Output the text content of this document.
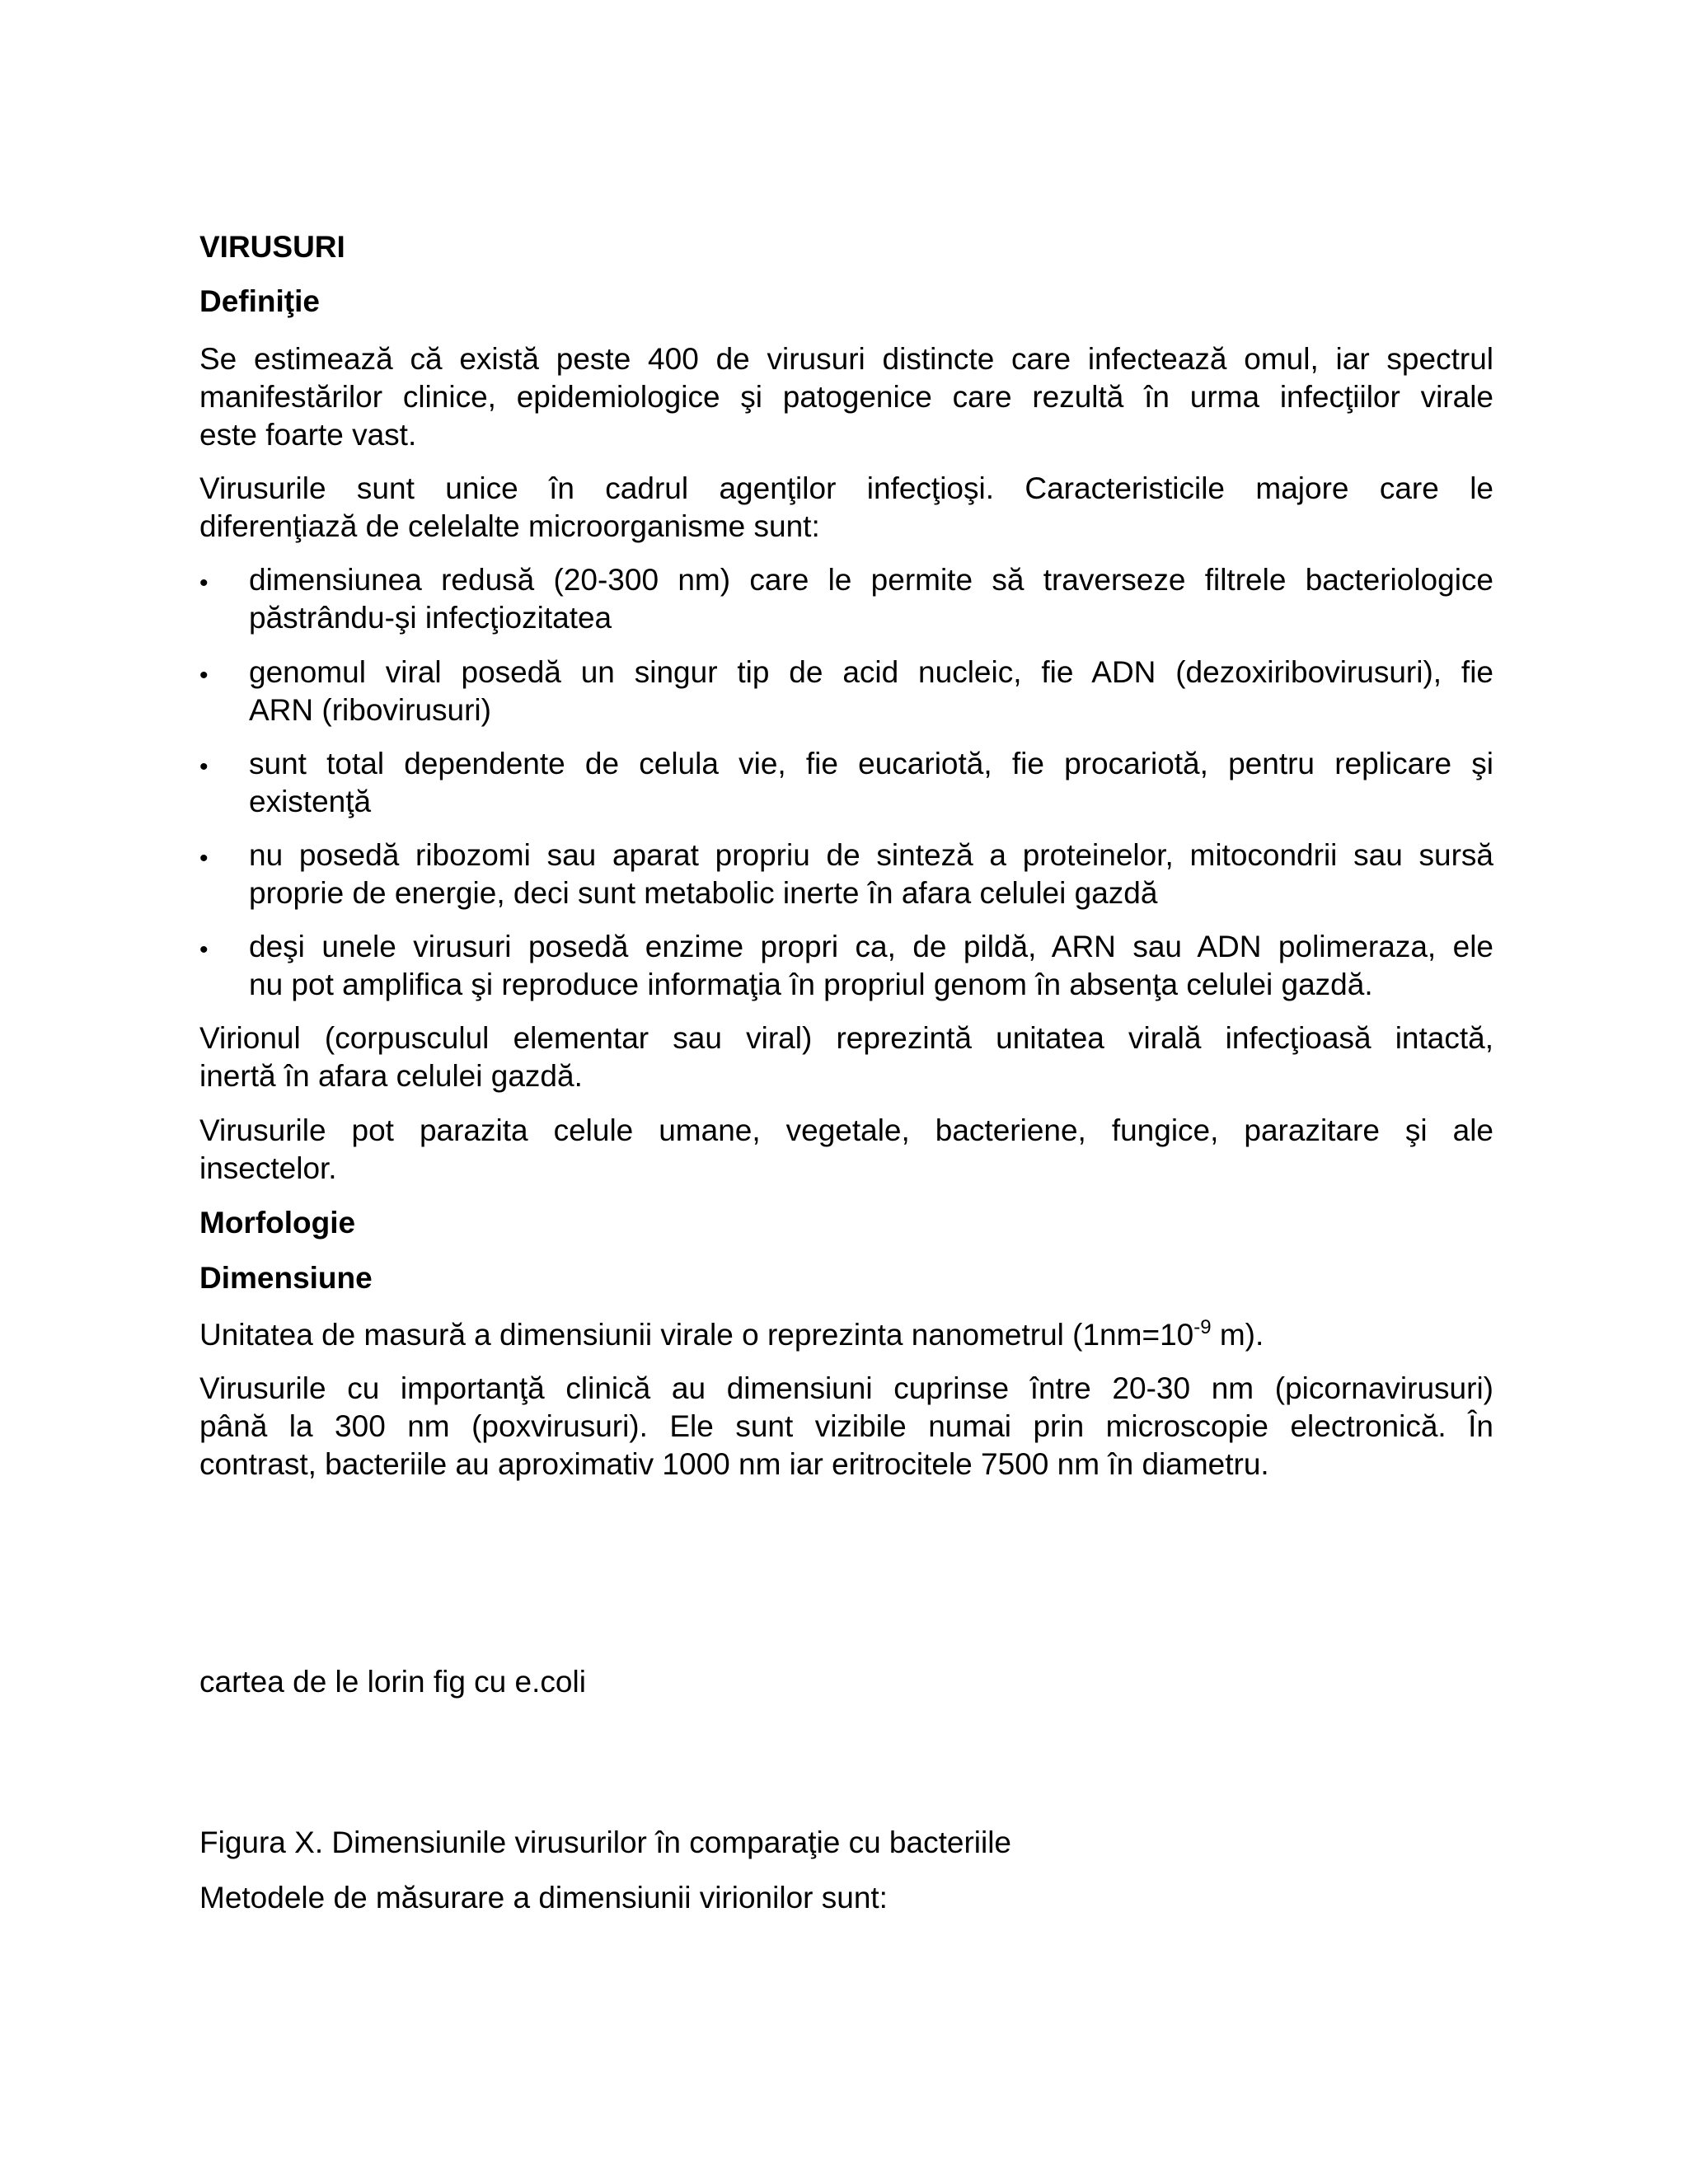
VIRUSURI
Definiţie
Se estimează că există peste 400 de virusuri distincte care infectează omul, iar spectrul
manifestărilor clinice, epidemiologice şi patogenice care rezultă în urma infecţiilor virale
este foarte vast.
Virusurile sunt unice în cadrul agenţilor infecţioşi. Caracteristicile majore care le
diferenţiază de celelalte microorganisme sunt:
• dimensiunea redusă (20-300 nm) care le permite să traverseze filtrele bacteriologice
păstrându-şi infecţiozitatea
• genomul viral posedă un singur tip de acid nucleic, fie ADN (dezoxiribovirusuri), fie
ARN (ribovirusuri)
• sunt total dependente de celula vie, fie eucariotă, fie procariotă, pentru replicare şi
existenţă
• nu posedă ribozomi sau aparat propriu de sinteză a proteinelor, mitocondrii sau sursă
proprie de energie, deci sunt metabolic inerte în afara celulei gazdă
• deşi unele virusuri posedă enzime propri ca, de pildă, ARN sau ADN polimeraza, ele
nu pot amplifica şi reproduce informaţia în propriul genom în absenţa celulei gazdă.
Virionul (corpusculul elementar sau viral) reprezintă unitatea virală infecţioasă intactă,
inertă în afara celulei gazdă.
Virusurile pot parazita celule umane, vegetale, bacteriene, fungice, parazitare şi ale
insectelor.
Morfologie
Dimensiune
Unitatea de masură a dimensiunii virale o reprezinta nanometrul ($1nm=10^{-9}$ m).
Virusurile cu importanţă clinică au dimensiuni cuprinse între 20-30 nm (picornavirusuri)
până la 300 nm (poxvirusuri). Ele sunt vizibile numai prin microscopie electronică. În
contrast, bacteriile au aproximativ 1000 nm iar eritrocitele 7500 nm în diametru.
cartea de le lorin fig cu e.coli
Figura X. Dimensiunile virusurilor în comparaţie cu bacteriile
Metodele de măsurare a dimensiunii virionilor sunt:
